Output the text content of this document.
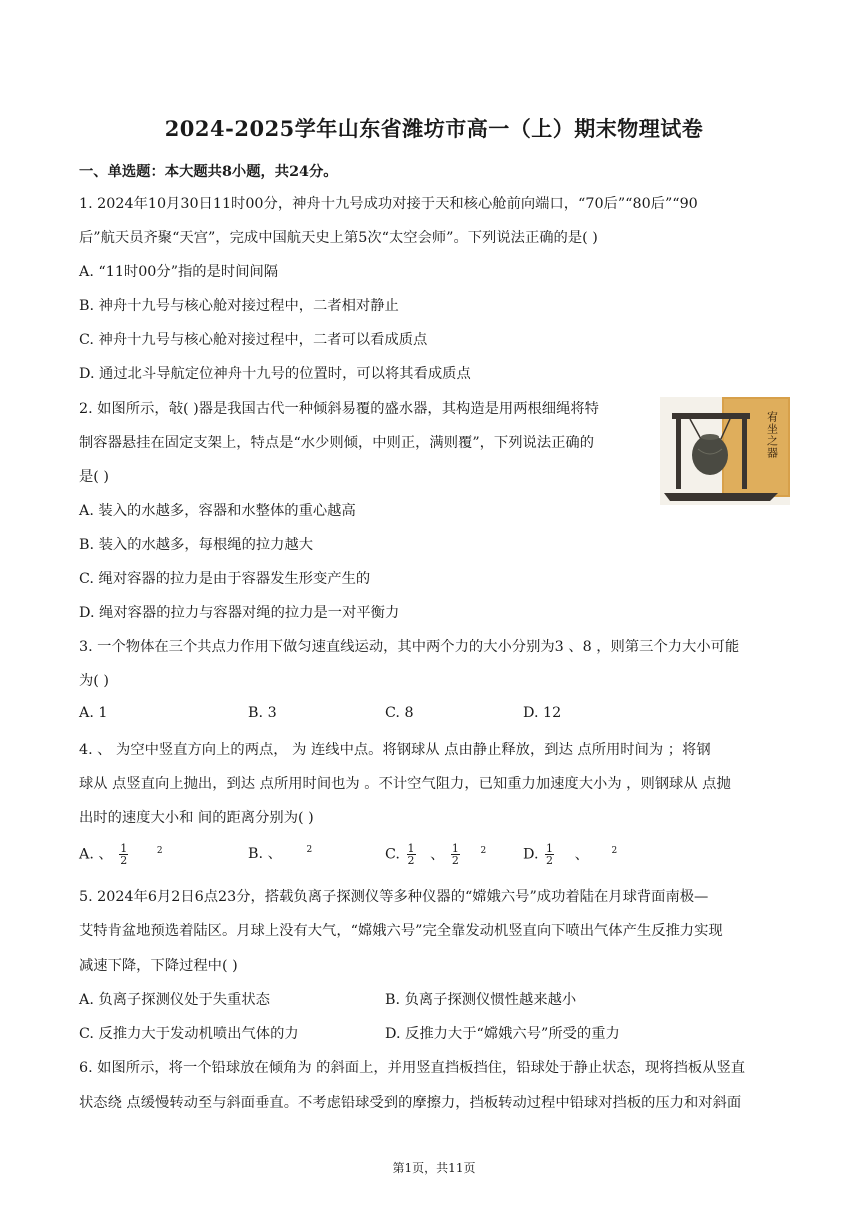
2024-2025学年山东省潍坊市高一（上）期末物理试卷
一、单选题：本大题共8小题，共24分。
1. 2024年10月30日11时00分，神舟十九号成功对接于天和核心舱前向端口，“70后”“80后”“90
后”航天员齐聚“天宫”，完成中国航天史上第5次“太空会师”。下列说法正确的是( )
A. “11时00分”指的是时间间隔
B. 神舟十九号与核心舱对接过程中，二者相对静止
C. 神舟十九号与核心舱对接过程中，二者可以看成质点
D. 通过北斗导航定位神舟十九号的位置时，可以将其看成质点
2. 如图所示，敧( )器是我国古代一种倾斜易覆的盛水器，其构造是用两根细绳将特
制容器悬挂在固定支架上，特点是“水少则倾，中则正，满则覆”，下列说法正确的
是( )
A. 装入的水越多，容器和水整体的重心越高
B. 装入的水越多，每根绳的拉力越大
C. 绳对容器的拉力是由于容器发生形变产生的
D. 绳对容器的拉力与容器对绳的拉力是一对平衡力
宥坐之器
3. 一个物体在三个共点力作用下做匀速直线运动，其中两个力的大小分别为3 、8 ，则第三个力大小可能
为( )
A. 1	B. 3	C. 8	D. 12
4. 、 为空中竖直方向上的两点， 为 连线中点。将钢球从 点由静止释放，到达 点所用时间为 ；将钢
球从 点竖直向上抛出，到达 点所用时间也为 。不计空气阻力，已知重力加速度大小为 ，则钢球从 点抛
出时的速度大小和 间的距离分别为( )
A. 、 $\frac{1}{2}$	$^2$	B. 、	$^2$	C. $\frac{1}{2}$ 、 $\frac{1}{2} ^2$	D. $\frac{1}{2}$ 、	$^2$
5. 2024年6月2日6点23分，搭载负离子探测仪等多种仪器的“嫦娥六号”成功着陆在月球背面南极—
艾特肯盆地预选着陆区。月球上没有大气，“嫦娥六号”完全靠发动机竖直向下喷出气体产生反推力实现
减速下降，下降过程中( )
A. 负离子探测仪处于失重状态	B. 负离子探测仪惯性越来越小
C. 反推力大于发动机喷出气体的力	D. 反推力大于“嫦娥六号”所受的重力
6. 如图所示，将一个铅球放在倾角为 的斜面上，并用竖直挡板挡住，铅球处于静止状态，现将挡板从竖直
状态绕 点缓慢转动至与斜面垂直。不考虑铅球受到的摩擦力，挡板转动过程中铅球对挡板的压力和对斜面
第1页，共11页
